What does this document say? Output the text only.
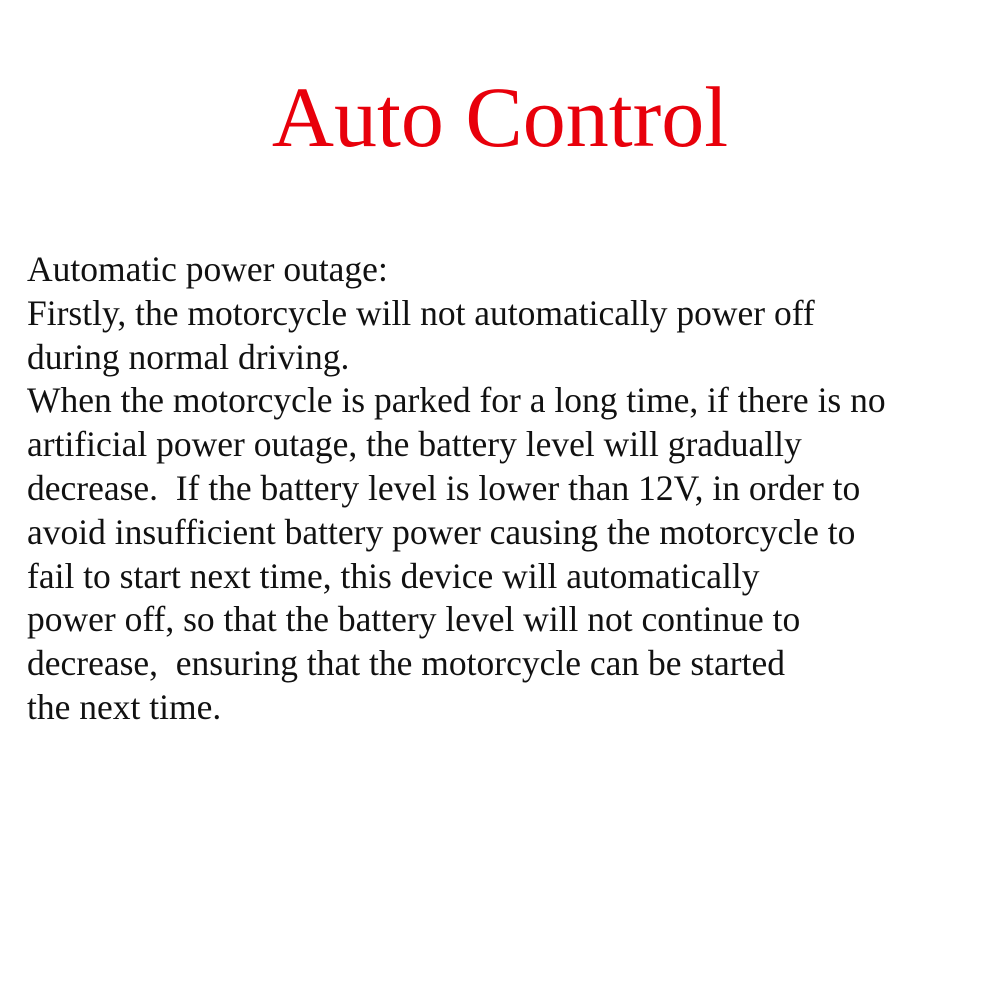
Auto Control
Automatic power outage:
Firstly, the motorcycle will not automatically power off
during normal driving.
When the motorcycle is parked for a long time, if there is no
artificial power outage, the battery level will gradually
decrease.  If the battery level is lower than 12V, in order to
avoid insufficient battery power causing the motorcycle to
fail to start next time, this device will automatically
power off, so that the battery level will not continue to
decrease,  ensuring that the motorcycle can be started
the next time.
